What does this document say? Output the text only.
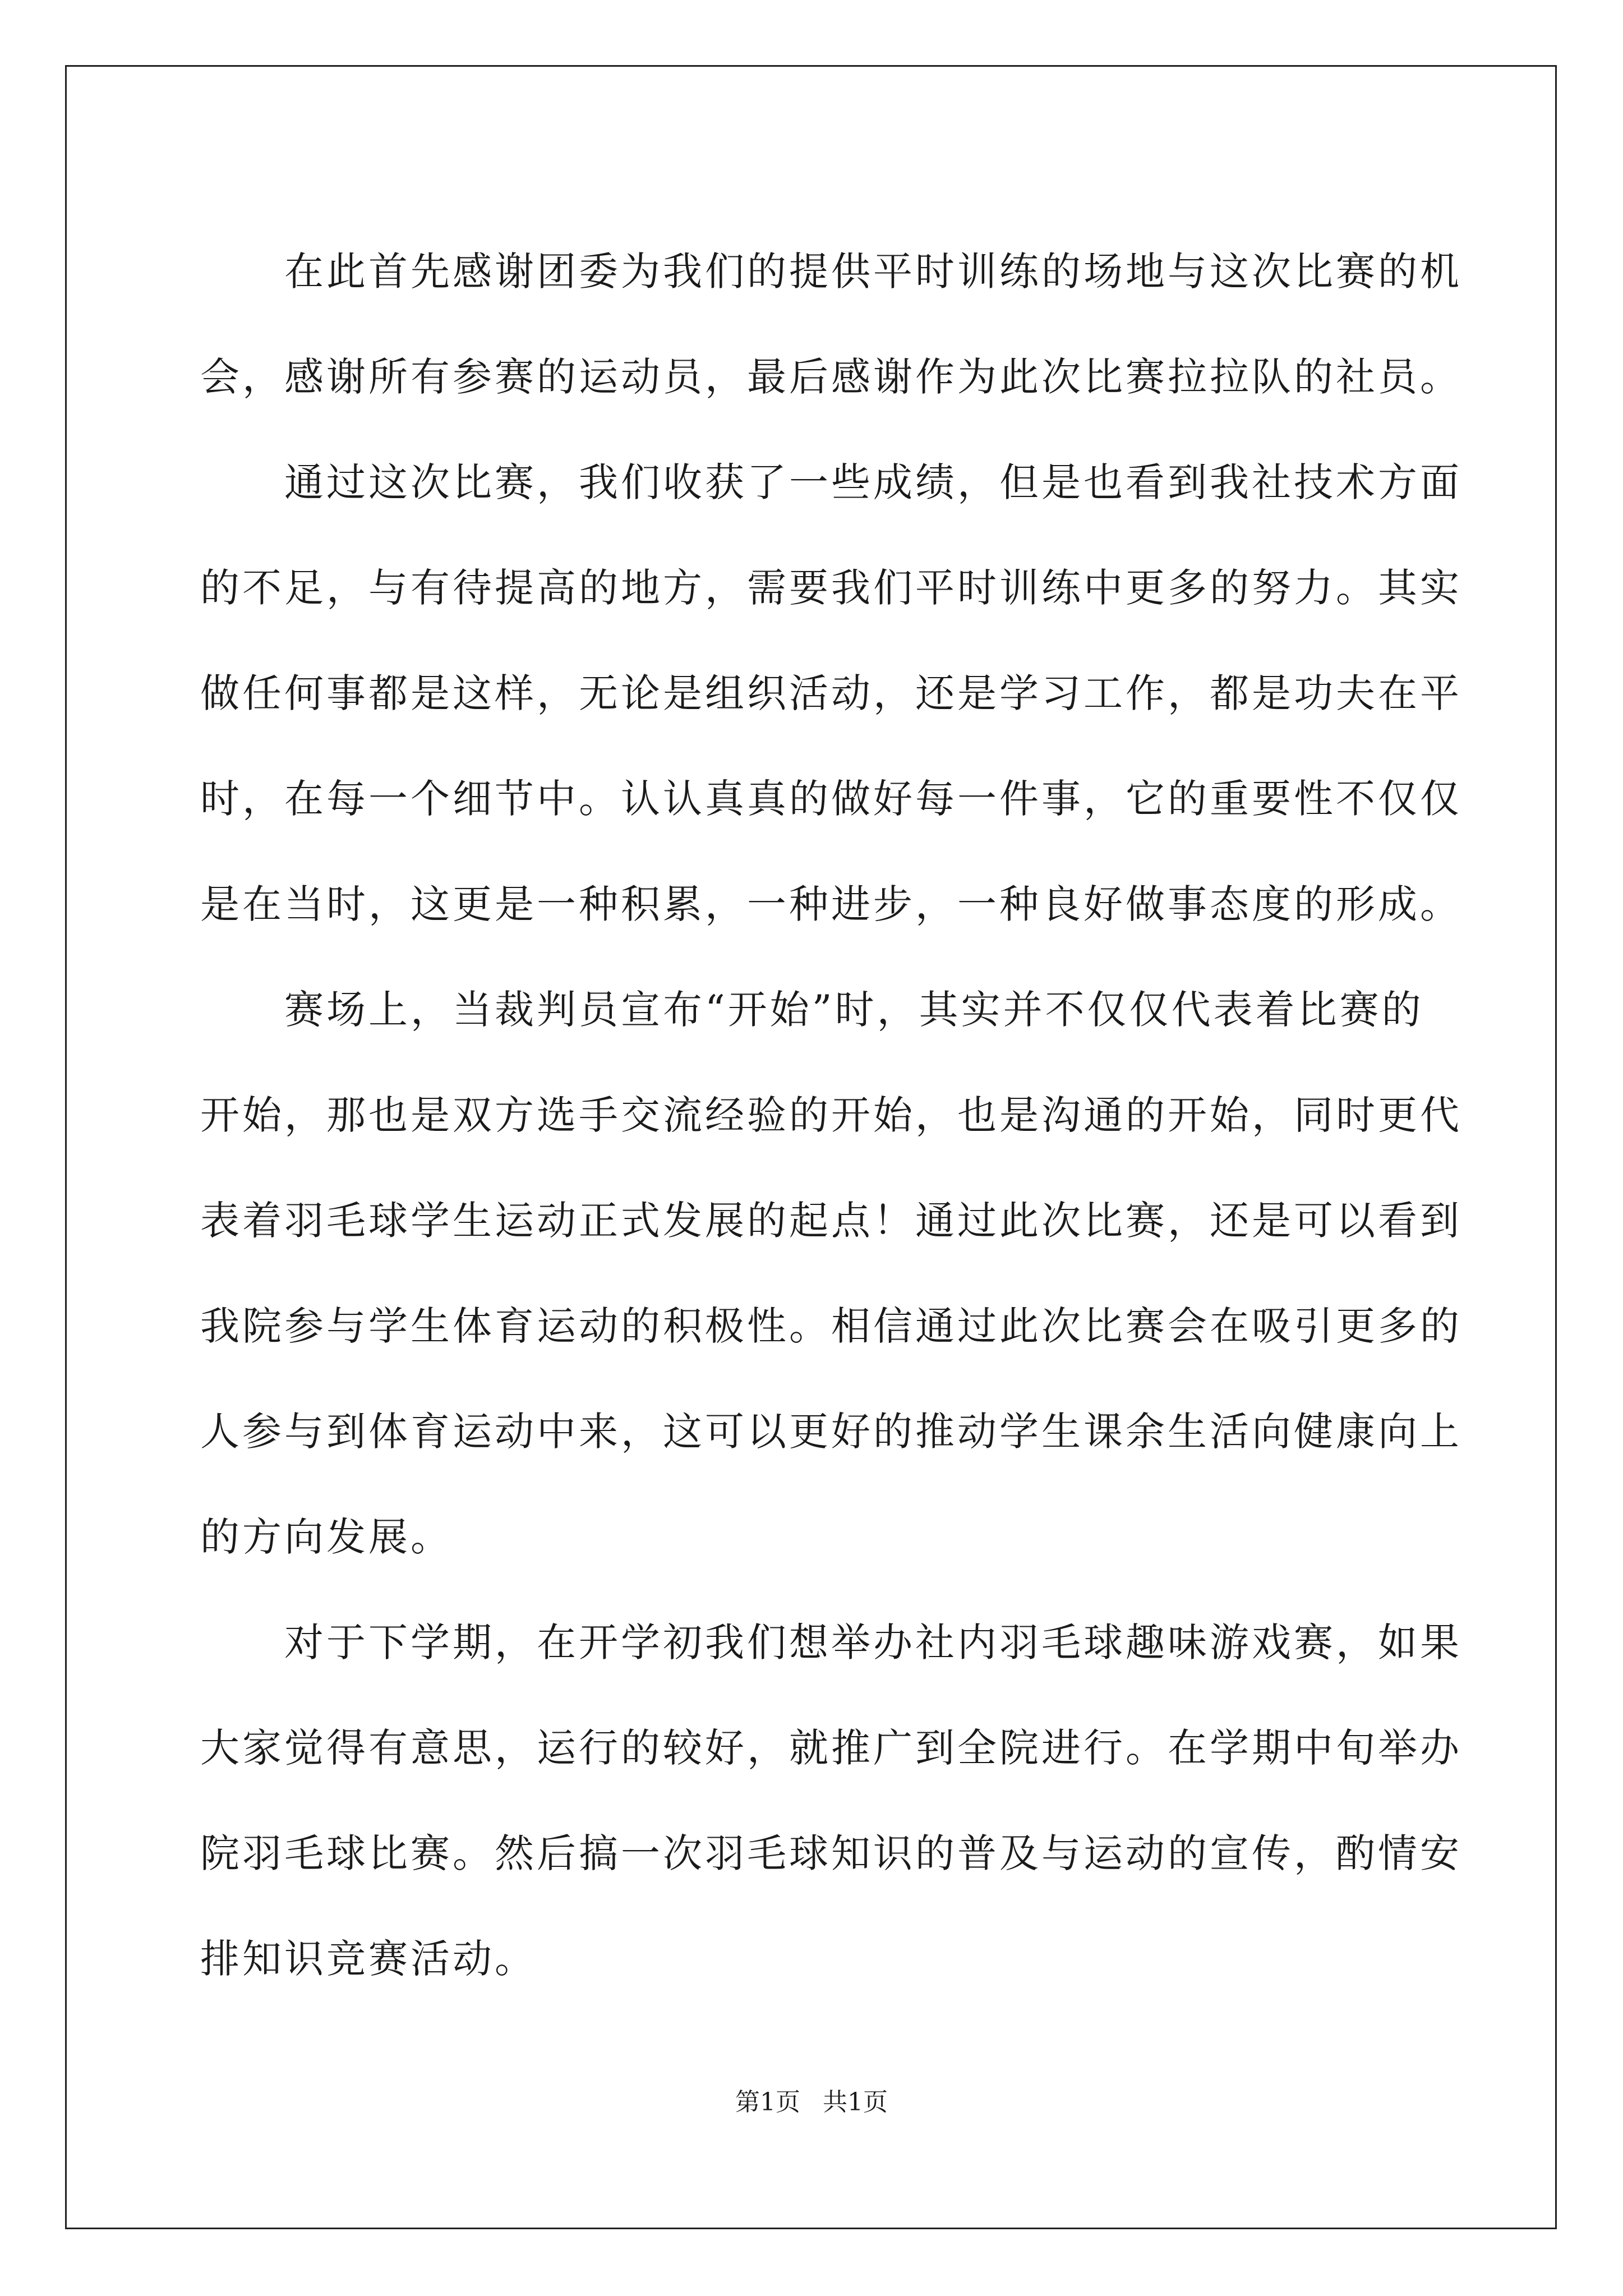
　　在此首先感谢团委为我们的提供平时训练的场地与这次比赛的机
会，感谢所有参赛的运动员，最后感谢作为此次比赛拉拉队的社员。
　　通过这次比赛，我们收获了一些成绩，但是也看到我社技术方面
的不足，与有待提高的地方，需要我们平时训练中更多的努力。其实
做任何事都是这样，无论是组织活动，还是学习工作，都是功夫在平
时，在每一个细节中。认认真真的做好每一件事，它的重要性不仅仅
是在当时，这更是一种积累，一种进步，一种良好做事态度的形成。
　　赛场上，当裁判员宣布“开始”时，其实并不仅仅代表着比赛的
开始，那也是双方选手交流经验的开始，也是沟通的开始，同时更代
表着羽毛球学生运动正式发展的起点！通过此次比赛，还是可以看到
我院参与学生体育运动的积极性。相信通过此次比赛会在吸引更多的
人参与到体育运动中来，这可以更好的推动学生课余生活向健康向上
的方向发展。
　　对于下学期，在开学初我们想举办社内羽毛球趣味游戏赛，如果
大家觉得有意思，运行的较好，就推广到全院进行。在学期中旬举办
院羽毛球比赛。然后搞一次羽毛球知识的普及与运动的宣传，酌情安
排知识竞赛活动。
第1页 共1页
